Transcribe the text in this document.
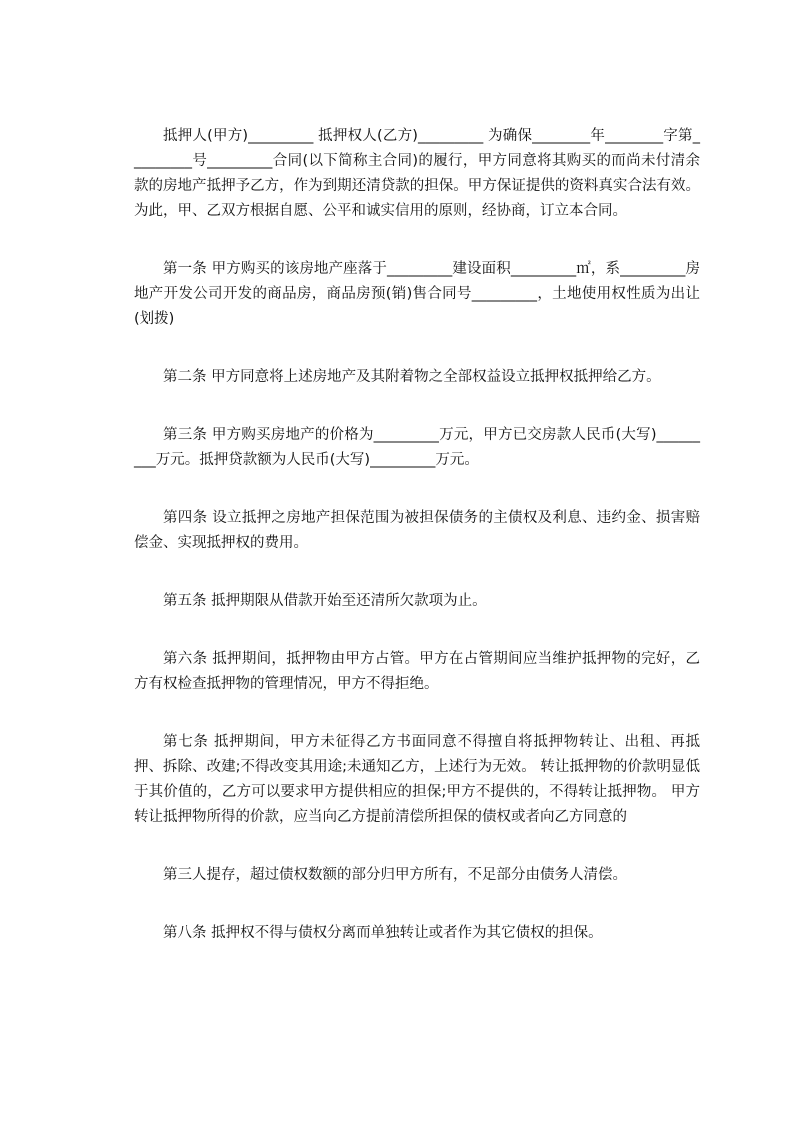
抵押人(甲方)_________ 抵押权人(乙方)_________ 为确保________年________字第_________号_________合同(以下简称主合同)的履行，甲方同意将其购买的而尚未付清余款的房地产抵押予乙方，作为到期还清贷款的担保。甲方保证提供的资料真实合法有效。为此，甲、乙双方根据自愿、公平和诚实信用的原则，经协商，订立本合同。

第一条 甲方购买的该房地产座落于_________建设面积_________㎡，系_________房地产开发公司开发的商品房，商品房预(销)售合同号_________，土地使用权性质为出让(划拨)

第二条 甲方同意将上述房地产及其附着物之全部权益设立抵押权抵押给乙方。

第三条 甲方购买房地产的价格为_________万元，甲方已交房款人民币(大写)_________万元。抵押贷款额为人民币(大写)_________万元。

第四条 设立抵押之房地产担保范围为被担保债务的主债权及利息、违约金、损害赔偿金、实现抵押权的费用。

第五条 抵押期限从借款开始至还清所欠款项为止。

第六条 抵押期间，抵押物由甲方占管。甲方在占管期间应当维护抵押物的完好，乙方有权检查抵押物的管理情况，甲方不得拒绝。

第七条 抵押期间，甲方未征得乙方书面同意不得擅自将抵押物转让、出租、再抵押、拆除、改建;不得改变其用途;未通知乙方，上述行为无效。 转让抵押物的价款明显低于其价值的，乙方可以要求甲方提供相应的担保;甲方不提供的，不得转让抵押物。 甲方转让抵押物所得的价款，应当向乙方提前清偿所担保的债权或者向乙方同意的

第三人提存，超过债权数额的部分归甲方所有，不足部分由债务人清偿。

第八条 抵押权不得与债权分离而单独转让或者作为其它债权的担保。
